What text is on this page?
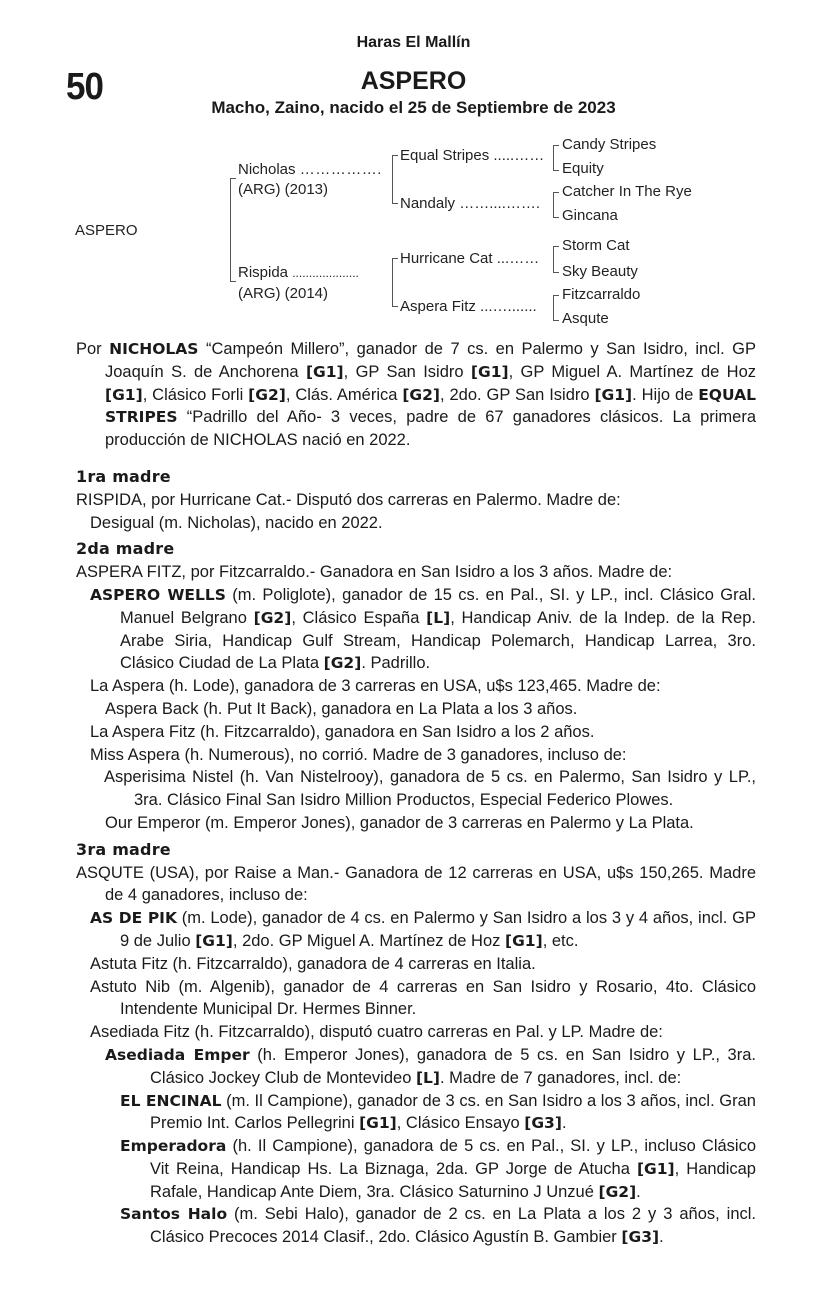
Haras El Mallín
50	ASPERO
Macho, Zaino, nacido el 25 de Septiembre de 2023
ASPERO
Nicholas …………….
(ARG) (2013)
Rispida ....................
(ARG) (2014)
Equal Stripes .....……
Nandaly ……....…….
Hurricane Cat ...……
Aspera Fitz ...….......
Candy Stripes
Equity
Catcher In The Rye
Gincana
Storm Cat
Sky Beauty
Fitzcarraldo
Asqute

Por NICHOLAS “Campeón Millero”, ganador de 7 cs. en Palermo y San Isidro, incl. GP Joaquín S. de Anchorena [G1], GP San Isidro [G1], GP Miguel A. Martínez de Hoz [G1], Clásico Forli [G2], Clás. América [G2], 2do. GP San Isidro [G1]. Hijo de EQUAL STRIPES “Padrillo del Año- 3 veces, padre de 67 ganadores clásicos. La primera producción de NICHOLAS nació en 2022.

1ra madre

RISPIDA, por Hurricane Cat.- Disputó dos carreras en Palermo. Madre de:

Desigual (m. Nicholas), nacido en 2022.

2da madre

ASPERA FITZ, por Fitzcarraldo.- Ganadora en San Isidro a los 3 años. Madre de:

ASPERO WELLS (m. Poliglote), ganador de 15 cs. en Pal., SI. y LP., incl. Clásico Gral. Manuel Belgrano [G2], Clásico España [L], Handicap Aniv. de la Indep. de la Rep. Arabe Siria, Handicap Gulf Stream, Handicap Polemarch, Handicap Larrea, 3ro. Clásico Ciudad de La Plata [G2]. Padrillo.

La Aspera (h. Lode), ganadora de 3 carreras en USA, u$s 123,465. Madre de:

Aspera Back (h. Put It Back), ganadora en La Plata a los 3 años.

La Aspera Fitz (h. Fitzcarraldo), ganadora en San Isidro a los 2 años.

Miss Aspera (h. Numerous), no corrió. Madre de 3 ganadores, incluso de:

Asperisima Nistel (h. Van Nistelrooy), ganadora de 5 cs. en Palermo, San Isidro y LP., 3ra. Clásico Final San Isidro Million Productos, Especial Federico Plowes.

Our Emperor (m. Emperor Jones), ganador de 3 carreras en Palermo y La Plata.

3ra madre

ASQUTE (USA), por Raise a Man.- Ganadora de 12 carreras en USA, u$s 150,265. Madre de 4 ganadores, incluso de:

AS DE PIK (m. Lode), ganador de 4 cs. en Palermo y San Isidro a los 3 y 4 años, incl. GP 9 de Julio [G1], 2do. GP Miguel A. Martínez de Hoz [G1], etc.

Astuta Fitz (h. Fitzcarraldo), ganadora de 4 carreras en Italia.

Astuto Nib (m. Algenib), ganador de 4 carreras en San Isidro y Rosario, 4to. Clásico Intendente Municipal Dr. Hermes Binner.

Asediada Fitz (h. Fitzcarraldo), disputó cuatro carreras en Pal. y LP. Madre de:

Asediada Emper (h. Emperor Jones), ganadora de 5 cs. en San Isidro y LP., 3ra. Clásico Jockey Club de Montevideo [L]. Madre de 7 ganadores, incl. de:

EL ENCINAL (m. Il Campione), ganador de 3 cs. en San Isidro a los 3 años, incl. Gran Premio Int. Carlos Pellegrini [G1], Clásico Ensayo [G3].

Emperadora (h. Il Campione), ganadora de 5 cs. en Pal., SI. y LP., incluso Clásico Vit Reina, Handicap Hs. La Biznaga, 2da. GP Jorge de Atucha [G1], Handicap Rafale, Handicap Ante Diem, 3ra. Clásico Saturnino J Unzué [G2].

Santos Halo (m. Sebi Halo), ganador de 2 cs. en La Plata a los 2 y 3 años, incl. Clásico Precoces 2014 Clasif., 2do. Clásico Agustín B. Gambier [G3].
